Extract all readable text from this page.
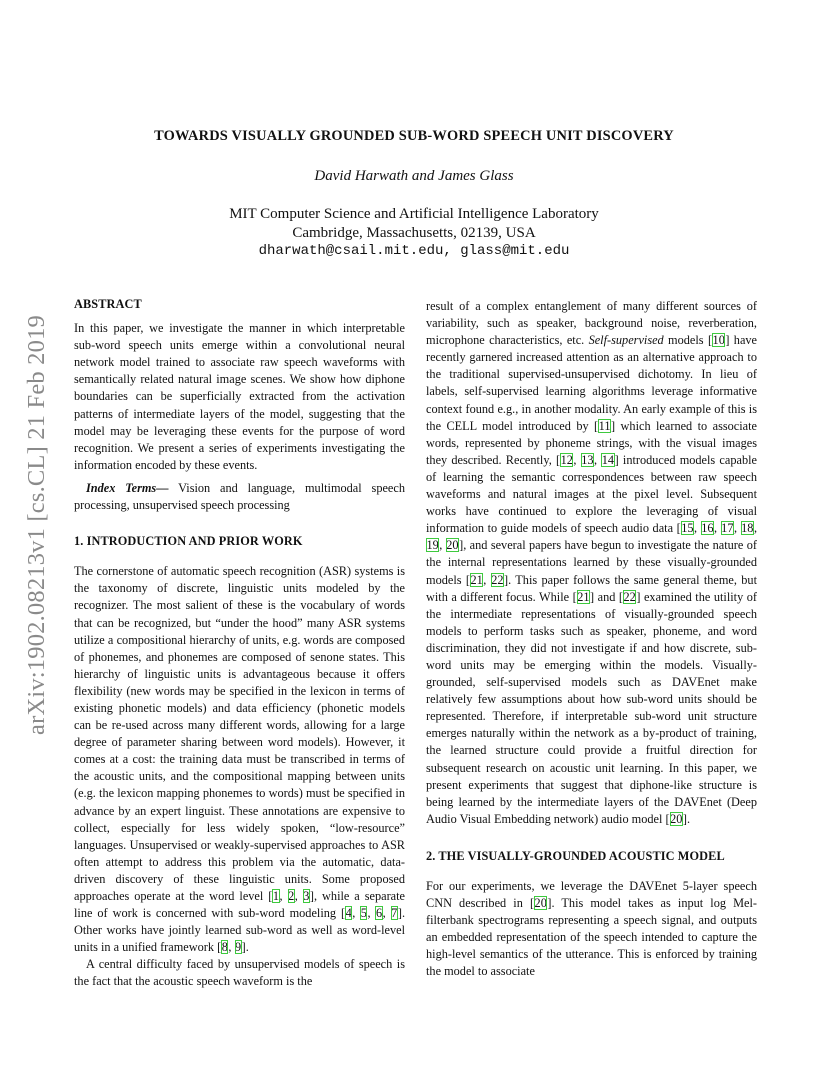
arXiv:1902.08213v1 [cs.CL] 21 Feb 2019
TOWARDS VISUALLY GROUNDED SUB-WORD SPEECH UNIT DISCOVERY

David Harwath and James Glass

MIT Computer Science and Artificial Intelligence Laboratory

Cambridge, Massachusetts, 02139, USA

dharwath@csail.mit.edu, glass@mit.edu

ABSTRACT

In this paper, we investigate the manner in which interpretable sub-word speech units emerge within a convolutional neural network model trained to associate raw speech waveforms with semantically related natural image scenes. We show how diphone boundaries can be superficially extracted from the activation patterns of intermediate layers of the model, suggesting that the model may be leveraging these events for the purpose of word recognition. We present a series of experiments investigating the information encoded by these events.

Index Terms— Vision and language, multimodal speech processing, unsupervised speech processing

1. INTRODUCTION AND PRIOR WORK

The cornerstone of automatic speech recognition (ASR) systems is the taxonomy of discrete, linguistic units modeled by the recognizer. The most salient of these is the vocabulary of words that can be recognized, but “under the hood” many ASR systems utilize a compositional hierarchy of units, e.g. words are composed of phonemes, and phonemes are composed of senone states. This hierarchy of linguistic units is advantageous because it offers flexibility (new words may be specified in the lexicon in terms of existing phonetic models) and data efficiency (phonetic models can be re-used across many different words, allowing for a large degree of parameter sharing between word models). However, it comes at a cost: the training data must be transcribed in terms of the acoustic units, and the compositional mapping between units (e.g. the lexicon mapping phonemes to words) must be specified in advance by an expert linguist. These annotations are expensive to collect, especially for less widely spoken, “low-resource” languages. Unsupervised or weakly-supervised approaches to ASR often attempt to address this problem via the automatic, data-driven discovery of these linguistic units. Some proposed approaches operate at the word level [1, 2, 3], while a separate line of work is concerned with sub-word modeling [4, 5, 6, 7]. Other works have jointly learned sub-word as well as word-level units in a unified framework [8, 9].

A central difficulty faced by unsupervised models of speech is the fact that the acoustic speech waveform is the

result of a complex entanglement of many different sources of variability, such as speaker, background noise, reverberation, microphone characteristics, etc. Self-supervised models [10] have recently garnered increased attention as an alternative approach to the traditional supervised-unsupervised dichotomy. In lieu of labels, self-supervised learning algorithms leverage informative context found e.g., in another modality. An early example of this is the CELL model introduced by [11] which learned to associate words, represented by phoneme strings, with the visual images they described. Recently, [12, 13, 14] introduced models capable of learning the semantic correspondences between raw speech waveforms and natural images at the pixel level. Subsequent works have continued to explore the leveraging of visual information to guide models of speech audio data [15, 16, 17, 18, 19, 20], and several papers have begun to investigate the nature of the internal representations learned by these visually-grounded models [21, 22]. This paper follows the same general theme, but with a different focus. While [21] and [22] examined the utility of the intermediate representations of visually-grounded speech models to perform tasks such as speaker, phoneme, and word discrimination, they did not investigate if and how discrete, sub-word units may be emerging within the models. Visually-grounded, self-supervised models such as DAVEnet make relatively few assumptions about how sub-word units should be represented. Therefore, if interpretable sub-word unit structure emerges naturally within the network as a by-product of training, the learned structure could provide a fruitful direction for subsequent research on acoustic unit learning. In this paper, we present experiments that suggest that diphone-like structure is being learned by the intermediate layers of the DAVEnet (Deep Audio Visual Embedding network) audio model [20].

2. THE VISUALLY-GROUNDED ACOUSTIC MODEL

For our experiments, we leverage the DAVEnet 5-layer speech CNN described in [20]. This model takes as input log Mel-filterbank spectrograms representing a speech signal, and outputs an embedded representation of the speech intended to capture the high-level semantics of the utterance. This is enforced by training the model to associate
